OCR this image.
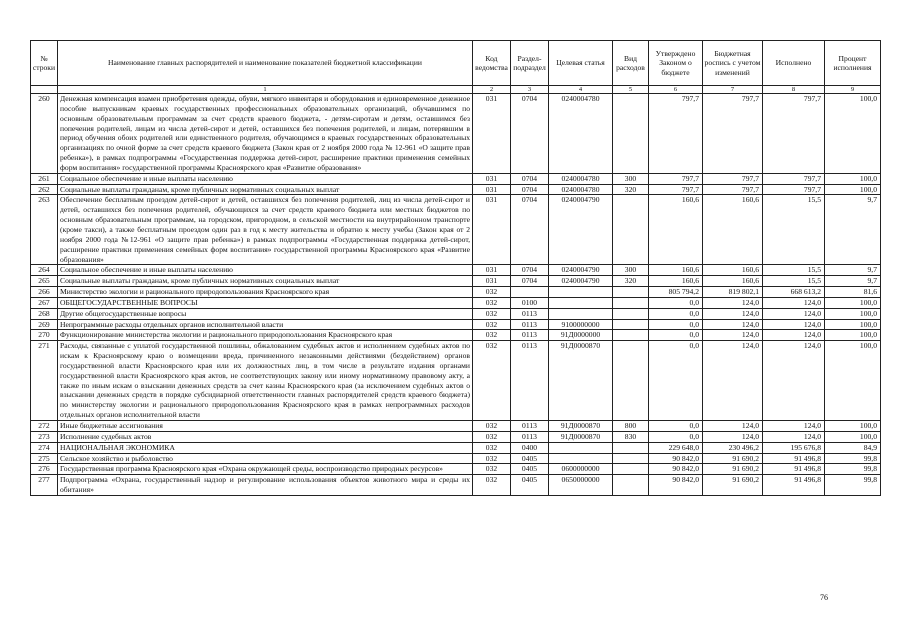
№ строки	Наименование главных распорядителей и наименование показателей бюджетной классификации	Код ведомства	Раздел-подраздел	Целевая статья	Вид расходов	Утверждено Законом о бюджете	Бюджетная роспись с учетом изменений	Исполнено	Процент исполнения
	1	2	3	4	5	6	7	8	9
260	Денежная компенсация взамен приобретения одежды, обуви, мягкого инвентаря и оборудования и единовременное денежное пособие выпускникам краевых государственных профессиональных образовательных организаций, обучавшимся по основным образовательным программам за счет средств краевого бюджета, - детям-сиротам и детям, оставшимся без попечения родителей, лицам из числа детей-сирот и детей, оставшихся без попечения родителей, и лицам, потерявшим в период обучения обоих родителей или единственного родителя, обучающимся в краевых государственных образовательных организациях по очной форме за счет средств краевого бюджета (Закон края от 2 ноября 2000 года № 12-961 «О защите прав ребенка»), в рамках подпрограммы «Государственная поддержка детей-сирот, расширение практики применения семейных форм воспитания» государственной программы Красноярского края «Развитие образования»	031	0704	0240004780		797,7	797,7	797,7	100,0
261	Социальное обеспечение и иные выплаты населению	031	0704	0240004780	300	797,7	797,7	797,7	100,0
262	Социальные выплаты гражданам, кроме публичных нормативных социальных выплат	031	0704	0240004780	320	797,7	797,7	797,7	100,0
263	Обеспечение бесплатным проездом детей-сирот и детей, оставшихся без попечения родителей, лиц из числа детей-сирот и детей, оставшихся без попечения родителей, обучающихся за счет средств краевого бюджета или местных бюджетов по основным образовательным программам, на городском, пригородном, в сельской местности на внутрирайонном транспорте (кроме такси), а также бесплатным проездом один раз в год к месту жительства и обратно к месту учебы (Закон края от 2 ноября 2000 года №12-961 «О защите прав ребенка») в рамках подпрограммы «Государственная поддержка детей-сирот, расширение практики применения семейных форм воспитания» государственной программы Красноярского края «Развитие образования»	031	0704	0240004790		160,6	160,6	15,5	9,7
264	Социальное обеспечение и иные выплаты населению	031	0704	0240004790	300	160,6	160,6	15,5	9,7
265	Социальные выплаты гражданам, кроме публичных нормативных социальных выплат	031	0704	0240004790	320	160,6	160,6	15,5	9,7
266	Министерство экологии и рационального природопользования Красноярского края	032				805 794,2	819 802,1	668 613,2	81,6
267	ОБЩЕГОСУДАРСТВЕННЫЕ ВОПРОСЫ	032	0100			0,0	124,0	124,0	100,0
268	Другие общегосударственные вопросы	032	0113			0,0	124,0	124,0	100,0
269	Непрограммные расходы отдельных органов исполнительной власти	032	0113	9100000000		0,0	124,0	124,0	100,0
270	Функционирование министерства экологии и рационального природопользования Красноярского края	032	0113	91Д0000000		0,0	124,0	124,0	100,0
271	Расходы, связанные с уплатой государственной пошлины, обжалованием судебных актов и исполнением судебных актов по искам к Красноярскому краю о возмещении вреда, причиненного незаконными действиями (бездействием) органов государственной власти Красноярского края или их должностных лиц, в том числе в результате издания органами государственной власти Красноярского края актов, не соответствующих закону или иному нормативному правовому акту, а также по иным искам о взыскании денежных средств за счет казны Красноярского края (за исключением судебных актов о взыскании денежных средств в порядке субсидиарной ответственности главных распорядителей средств краевого бюджета) по министерству экологии и рационального природопользования Красноярского края в рамках непрограммных расходов отдельных органов исполнительной власти	032	0113	91Д0000870		0,0	124,0	124,0	100,0
272	Иные бюджетные ассигнования	032	0113	91Д0000870	800	0,0	124,0	124,0	100,0
273	Исполнение судебных актов	032	0113	91Д0000870	830	0,0	124,0	124,0	100,0
274	НАЦИОНАЛЬНАЯ ЭКОНОМИКА	032	0400			229 648,0	230 496,2	195 676,8	84,9
275	Сельское хозяйство и рыболовство	032	0405			90 842,0	91 690,2	91 496,8	99,8
276	Государственная программа Красноярского края «Охрана окружающей среды, воспроизводство природных ресурсов»	032	0405	0600000000		90 842,0	91 690,2	91 496,8	99,8
277	Подпрограмма «Охрана, государственный надзор и регулирование использования объектов животного мира и среды их обитания»	032	0405	0650000000		90 842,0	91 690,2	91 496,8	99,8
76
